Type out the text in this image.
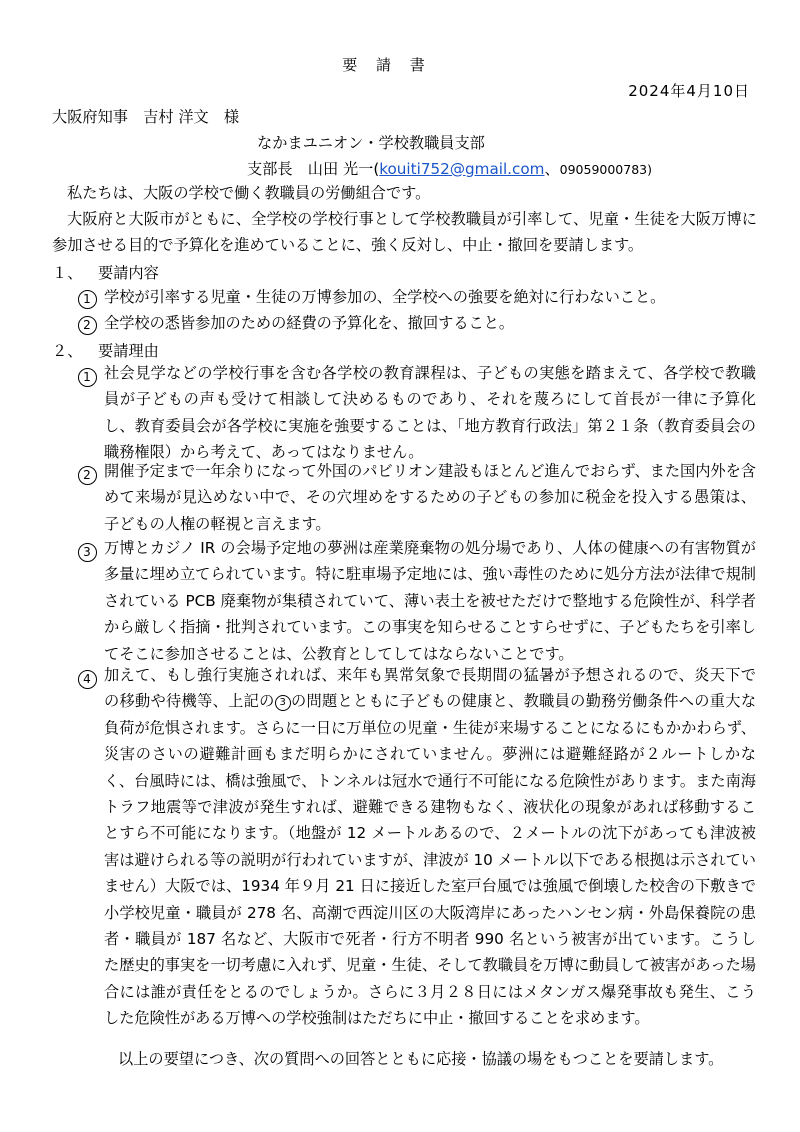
要 請 書
2024年4月10日
大阪府知事　吉村 洋文　様
なかまユニオン・学校教職員支部
支部長　山田 光一(kouiti752@gmail.com、09059000783)
私たちは、大阪の学校で働く教職員の労働組合です。
大阪府と大阪市がともに、全学校の学校行事として学校教職員が引率して、児童・生徒を大阪万博に参加させる目的で予算化を進めていることに、強く反対し、中止・撤回を要請します。
１、 要請内容
1 学校が引率する児童・生徒の万博参加の、全学校への強要を絶対に行わないこと。
2 全学校の悉皆参加のための経費の予算化を、撤回すること。
２、 要請理由
1 社会見学などの学校行事を含む各学校の教育課程は、子どもの実態を踏まえて、各学校で教職員が子どもの声も受けて相談して決めるものであり、それを蔑ろにして首長が一律に予算化し、教育委員会が各学校に実施を強要することは、「地方教育行政法」第２１条（教育委員会の職務権限）から考えて、あってはなりません。
2 開催予定まで一年余りになって外国のパビリオン建設もほとんど進んでおらず、また国内外を含めて来場が見込めない中で、その穴埋めをするための子どもの参加に税金を投入する愚策は、子どもの人権の軽視と言えます。
3 万博とカジノ IR の会場予定地の夢洲は産業廃棄物の処分場であり、人体の健康への有害物質が多量に埋め立てられています。特に駐車場予定地には、強い毒性のために処分方法が法律で規制されている PCB 廃棄物が集積されていて、薄い表土を被せただけで整地する危険性が、科学者から厳しく指摘・批判されています。この事実を知らせることすらせずに、子どもたちを引率してそこに参加させることは、公教育としてしてはならないことです。
4 加えて、もし強行実施されれば、来年も異常気象で長期間の猛暑が予想されるので、炎天下での移動や待機等、上記の 3 の問題とともに子どもの健康と、教職員の勤務労働条件への重大な負荷が危惧されます。さらに一日に万単位の児童・生徒が来場することになるにもかかわらず、災害のさいの避難計画もまだ明らかにされていません。夢洲には避難経路が２ルートしかなく、台風時には、橋は強風で、トンネルは冠水で通行不可能になる危険性があります。また南海トラフ地震等で津波が発生すれば、避難できる建物もなく、液状化の現象があれば移動することすら不可能になります。（地盤が 12 メートルあるので、２メートルの沈下があっても津波被害は避けられる等の説明が行われていますが、津波が 10 メートル以下である根拠は示されていません）大阪では、1934 年９月 21 日に接近した室戸台風では強風で倒壊した校舎の下敷きで小学校児童・職員が 278 名、高潮で西淀川区の大阪湾岸にあったハンセン病・外島保養院の患者・職員が 187 名など、大阪市で死者・行方不明者 990 名という被害が出ています。こうした歴史的事実を一切考慮に入れず、児童・生徒、そして教職員を万博に動員して被害があった場合には誰が責任をとるのでしょうか。さらに３月２８日にはメタンガス爆発事故も発生、こうした危険性がある万博への学校強制はただちに中止・撤回することを求めます。
以上の要望につき、次の質問への回答とともに応接・協議の場をもつことを要請します。
